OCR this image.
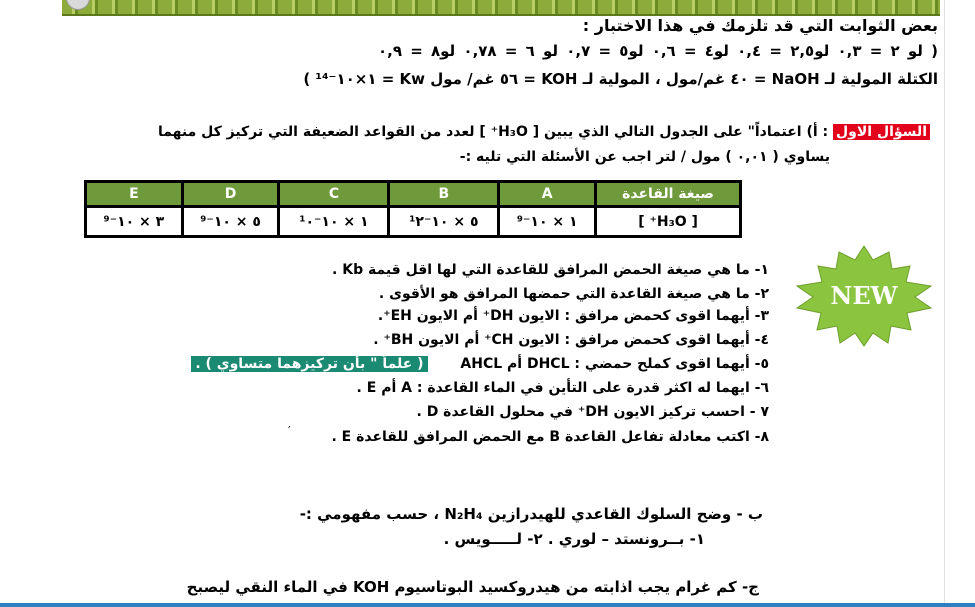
بعض الثوابت التي قد تلزمك في هذا الاختبار :
( لو ٢ = ٠,٣ لو٢,٥ = ٠,٤ لو٤ = ٠,٦ لو٥ = ٠,٧ لو ٦ = ٠,٧٨ لو٨ = ٠,٩
الكتلة المولية لـ NaOH = ٤٠ غم/مول ، المولية لـ KOH = ٥٦ غم/ مول Kw = ١×١٠⁻¹⁴ )
السؤال الاول : أ) اعتماداً" على الجدول التالي الذي يبين [ H₃O⁺ ] لعدد من القواعد الضعيفة التي تركيز كل منهما
يساوي ( ٠,٠١ ) مول / لتر اجب عن الأسئلة التي تليه :-
صيغة القاعدة	A	B	C	D	E
[ H₃O⁺ ]	١ × ١٠⁻⁹	٥ × ١٠⁻¹٢	١ × ١٠⁻¹٠	٥ × ١٠⁻⁹	٣ × ١٠⁻⁹
NEW
١- ما هي صيغة الحمض المرافق للقاعدة التي لها اقل قيمة Kb .
٢- ما هي صيغة القاعدة التي حمضها المرافق هو الأقوى .
٣- أيهما اقوى كحمض مرافق : الايون DH⁺ أم الايون EH⁺.
٤- أيهما اقوى كحمض مرافق : الايون CH⁺ أم الايون BH⁺ .
٥- أيهما اقوى كملح حمضي : DHCL أم AHCL ( علماً " بأن تركيزهما متساوي ) .
٦- ايهما له اكثر قدرة على التأين في الماء القاعدة : A أم E .
٧ - احسب تركيز الايون DH⁺ في محلول القاعدة D .
٨- اكتب معادلة تفاعل القاعدة B مع الحمض المرافق للقاعدة E .
′
ب - وضح السلوك القاعدي للهيدرازين N₂H₄ ، حسب مفهومي :-
١- بــرونستد – لوري . ٢- لـــــويس .
ج- كم غرام يجب اذابته من هيدروكسيد البوتاسيوم KOH في الماء النقي ليصبح
